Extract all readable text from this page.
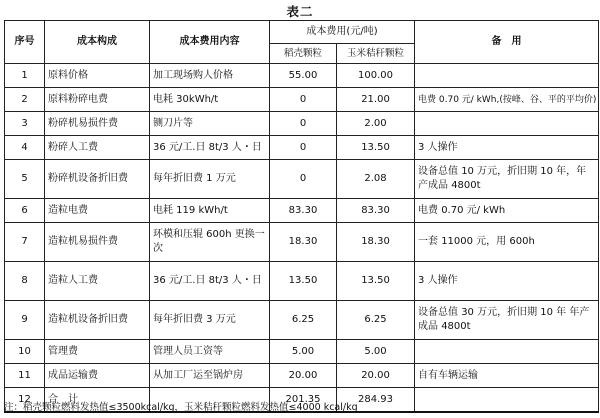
表二
序号	成本构成	成本费用内容	成本费用(元/吨)		备　用
			稻壳颗粒	玉米秸秆颗粒	
1	原料价格	加工现场购人价格	55.00	100.00	
2	原料粉碎电费	电耗 30kWh/t	0	21.00	电费 0.70 元/ kWh,(按峰、谷、平的平均价)
3	粉碎机易损件费	铡刀片等	0	2.00	
4	粉碎人工费	36 元/工.日 8t/3 人・日	0	13.50	3 人操作
5	粉碎机设备折旧费	每年折旧费 1 万元	0	2.08	设备总值 10 万元，折旧期 10 年，年产成品 4800t
6	造粒电费	电耗 119 kWh/t	83.30	83.30	电费 0.70 元/ kWh
7	造粒机易损件费	环模和压辊 600h 更换一次	18.30	18.30	一套 11000 元，用 600h
8	造粒人工费	36 元/工.日 8t/3 人・日	13.50	13.50	3 人操作
9	造粒机设备折旧费	每年折旧费 3 万元	6.25	6.25	设备总值 30 万元，折旧期 10 年 年产成品 4800t
10	管理费	管理人员工资等	5.00	5.00	
11	成品运输费	从加工厂运至锅炉房	20.00	20.00	自有车辆运输
12	合　计		201.35	284.93	
注：稻壳颗粒燃料发热值≤3500kcal/kg，玉米秸秆颗粒燃料发热值≤4000 kcal/kg
